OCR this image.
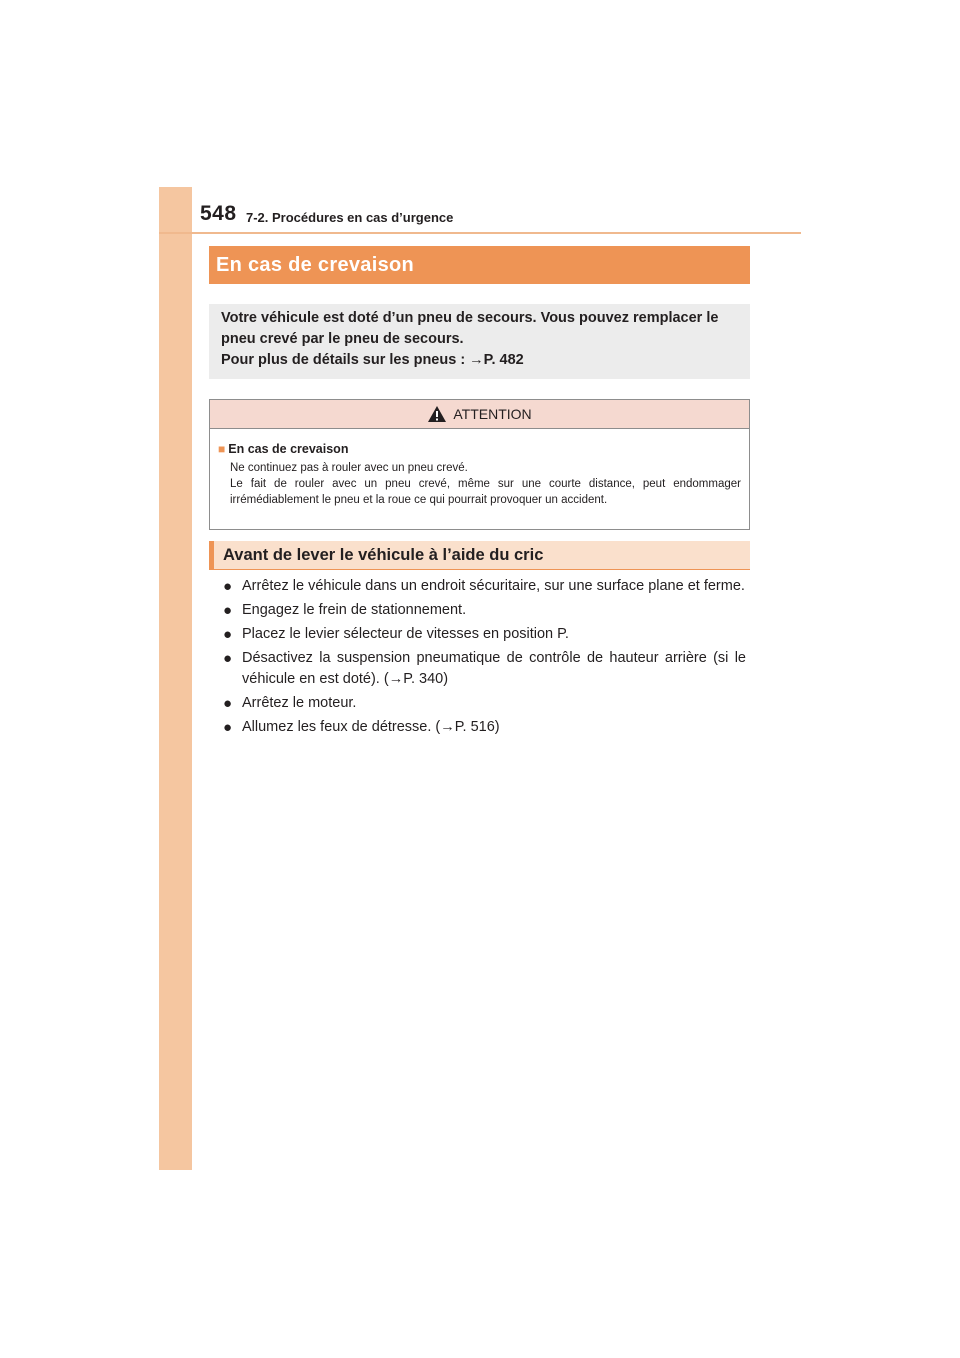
548 7-2. Procédures en cas d’urgence
En cas de crevaison

Votre véhicule est doté d’un pneu de secours. Vous pouvez remplacer le pneu crevé par le pneu de secours.

Pour plus de détails sur les pneus : →P. 482

ATTENTION
■ En cas de crevaison

Ne continuez pas à rouler avec un pneu crevé.

Le fait de rouler avec un pneu crevé, même sur une courte distance, peut endommager irrémédiablement le pneu et la roue ce qui pourrait provoquer un accident.

Avant de lever le véhicule à l’aide du cric
● Arrêtez le véhicule dans un endroit sécuritaire, sur une surface plane et ferme.
● Engagez le frein de stationnement.
● Placez le levier sélecteur de vitesses en position P.
● Désactivez la suspension pneumatique de contrôle de hauteur arrière (si le véhicule en est doté). (→P. 340)
● Arrêtez le moteur.
● Allumez les feux de détresse. (→P. 516)
